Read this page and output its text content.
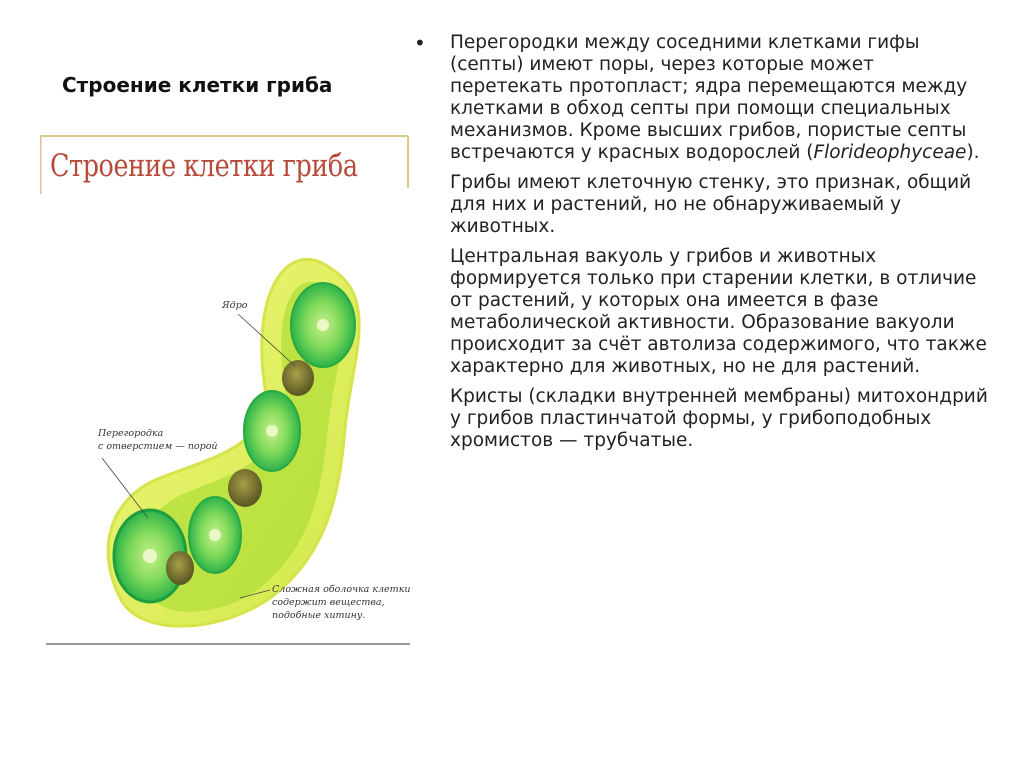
Строение клетки гриба
Строение клетки гриба
Ядро
Перегородка
с отверстием — порой
Сложная оболочка клетки
содержит вещества,
подобные хитину.

• Перегородки между соседними клетками гифы (септы) имеют поры, через которые может перетекать протопласт; ядра перемещаются между клетками в обход септы при помощи специальных механизмов. Кроме высших грибов, пористые септы встречаются у красных водорослей (Florideophyceae).

Грибы имеют клеточную стенку, это признак, общий для них и растений, но не обнаруживаемый у животных.

Центральная вакуоль у грибов и животных формируется только при старении клетки, в отличие от растений, у которых она имеется в фазе метаболической активности. Образование вакуоли происходит за счёт автолиза содержимого, что также характерно для животных, но не для растений.

Кристы (складки внутренней мембраны) митохондрий у грибов пластинчатой формы, у грибоподобных хромистов — трубчатые.
